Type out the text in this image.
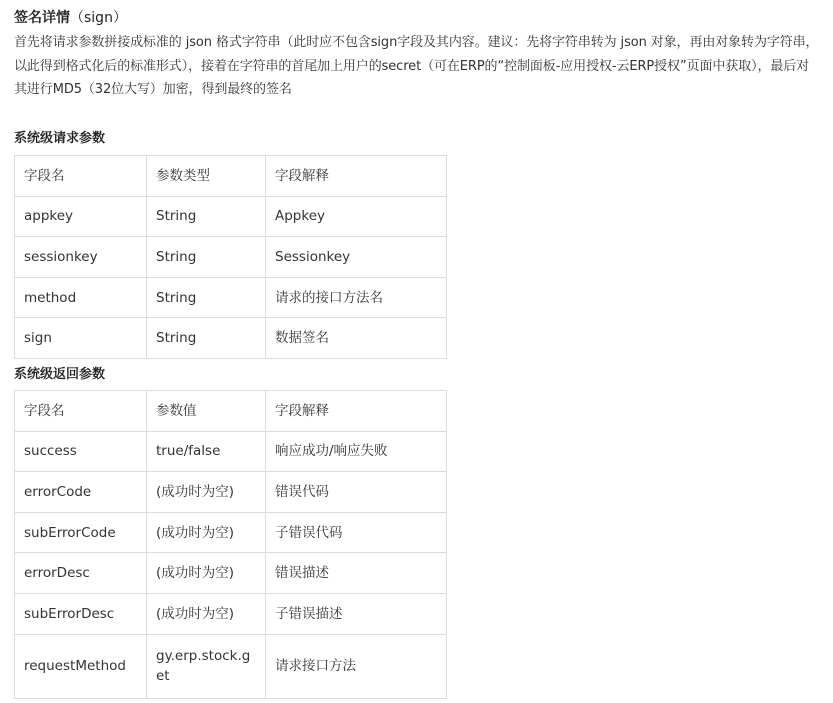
签名详情（sign）

首先将请求参数拼接成标准的 json 格式字符串（此时应不包含sign字段及其内容。建议：先将字符串转为 json 对象，再由对象转为字符串，以此得到格式化后的标准形式），接着在字符串的首尾加上用户的secret（可在ERP的“控制面板-应用授权-云ERP授权”页面中获取），最后对其进行MD5（32位大写）加密，得到最终的签名

系统级请求参数

字段名	参数类型	字段解释
appkey	String	Appkey
sessionkey	String	Sessionkey
method	String	请求的接口方法名
sign	String	数据签名

系统级返回参数

字段名	参数值	字段解释
success	true/false	响应成功/响应失败
errorCode	(成功时为空)	错误代码
subErrorCode	(成功时为空)	子错误代码
errorDesc	(成功时为空)	错误描述
subErrorDesc	(成功时为空)	子错误描述
requestMethod	gy.erp.stock.get	请求接口方法
